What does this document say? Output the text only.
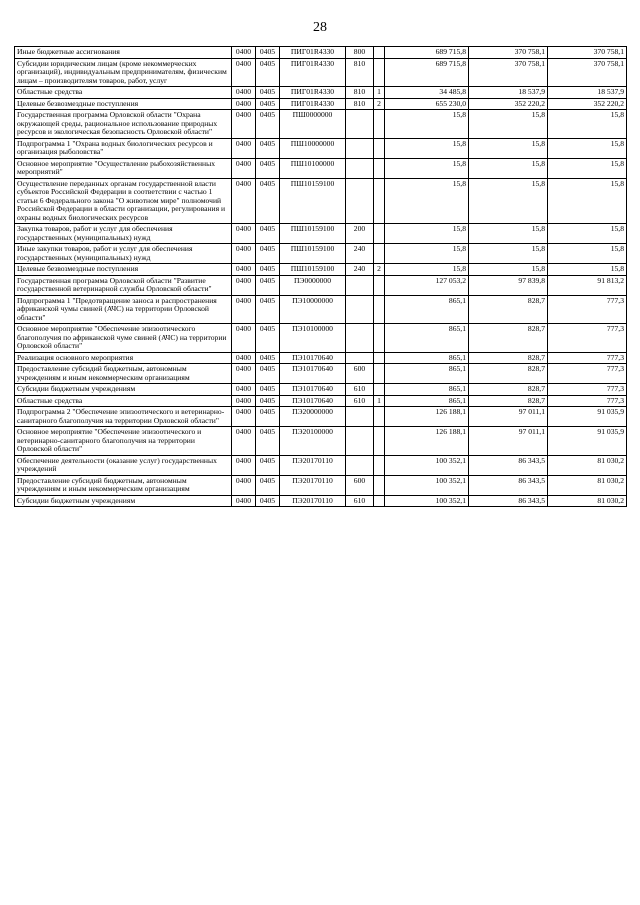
28
Иные бюджетные ассигнования	0400	0405	ПИГ01R4330	800		689 715,8	370 758,1	370 758,1
Субсидии юридическим лицам (кроме некоммерческих организаций), индивидуальным предпринимателям, физическим лицам – производителям товаров, работ, услуг	0400	0405	ПИГ01R4330	810		689 715,8	370 758,1	370 758,1
Областные средства	0400	0405	ПИГ01R4330	810	1	34 485,8	18 537,9	18 537,9
Целевые безвозмездные поступления	0400	0405	ПИГ01R4330	810	2	655 230,0	352 220,2	352 220,2
Государственная программа Орловской области "Охрана окружающей среды, рациональное использование природных ресурсов и экологическая безопасность Орловской области"	0400	0405	ПШ0000000			15,8	15,8	15,8
Подпрограмма 1 "Охрана водных биологических ресурсов и организация рыболовства"	0400	0405	ПШ10000000			15,8	15,8	15,8
Основное мероприятие "Осуществление рыбохозяйственных мероприятий"	0400	0405	ПШ10100000			15,8	15,8	15,8
Осуществление переданных органам государственной власти субъектов Российской Федерации в соответствии с частью 1 статьи 6 Федерального закона "О животном мире" полномочий Российской Федерации в области организации, регулирования и охраны водных биологических ресурсов	0400	0405	ПШ10159100			15,8	15,8	15,8
Закупка товаров, работ и услуг для обеспечения государственных (муниципальных) нужд	0400	0405	ПШ10159100	200		15,8	15,8	15,8
Иные закупки товаров, работ и услуг для обеспечения государственных (муниципальных) нужд	0400	0405	ПШ10159100	240		15,8	15,8	15,8
Целевые безвозмездные поступления	0400	0405	ПШ10159100	240	2	15,8	15,8	15,8
Государственная программа Орловской области "Развитие государственной ветеринарной службы Орловской области"	0400	0405	ПЭ0000000			127 053,2	97 839,8	91 813,2
Подпрограмма 1 "Предотвращение заноса и распространения африканской чумы свиней (АЧС) на территории Орловской области"	0400	0405	ПЭ10000000			865,1	828,7	777,3
Основное мероприятие "Обеспечение эпизоотического благополучия по африканской чуме свиней (АЧС) на территории Орловской области"	0400	0405	ПЭ10100000			865,1	828,7	777,3
Реализация основного мероприятия	0400	0405	ПЭ10170640			865,1	828,7	777,3
Предоставление субсидий бюджетным, автономным учреждениям и иным некоммерческим организациям	0400	0405	ПЭ10170640	600		865,1	828,7	777,3
Субсидии бюджетным учреждениям	0400	0405	ПЭ10170640	610		865,1	828,7	777,3
Областные средства	0400	0405	ПЭ10170640	610	1	865,1	828,7	777,3
Подпрограмма 2 "Обеспечение эпизоотического и ветеринарно-санитарного благополучия на территории Орловской области"	0400	0405	ПЭ20000000			126 188,1	97 011,1	91 035,9
Основное мероприятие "Обеспечение эпизоотического и ветеринарно-санитарного благополучия на территории Орловской области"	0400	0405	ПЭ20100000			126 188,1	97 011,1	91 035,9
Обеспечение деятельности (оказание услуг) государственных учреждений	0400	0405	ПЭ20170110			100 352,1	86 343,5	81 030,2
Предоставление субсидий бюджетным, автономным учреждениям и иным некоммерческим организациям	0400	0405	ПЭ20170110	600		100 352,1	86 343,5	81 030,2
Субсидии бюджетным учреждениям	0400	0405	ПЭ20170110	610		100 352,1	86 343,5	81 030,2
